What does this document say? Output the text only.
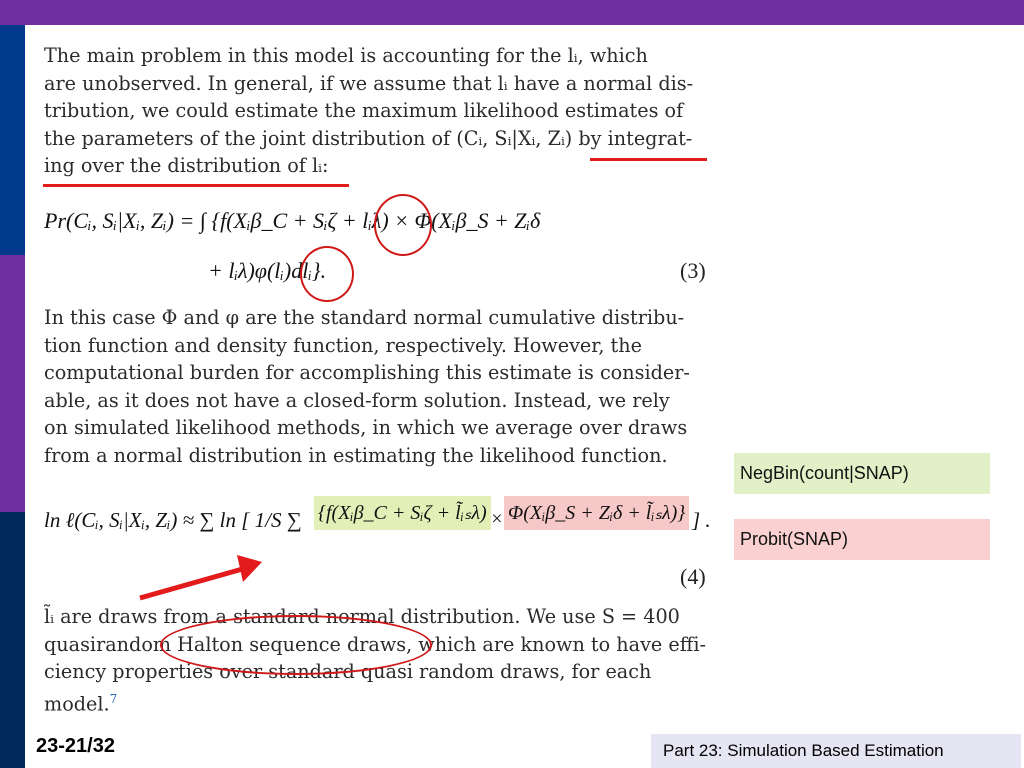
The main problem in this model is accounting for the lᵢ, which
are unobserved. In general, if we assume that lᵢ have a normal dis-
tribution, we could estimate the maximum likelihood estimates of
the parameters of the joint distribution of (Cᵢ, Sᵢ|Xᵢ, Zᵢ) by integrat-
ing over the distribution of lᵢ:
Pr(Cᵢ, Sᵢ|Xᵢ, Zᵢ) = ∫ {f(Xᵢβ_C + Sᵢζ + lᵢλ) × Φ(Xᵢβ_S + Zᵢδ
+ lᵢλ)φ(lᵢ)dlᵢ}.	(3)
In this case Φ and φ are the standard normal cumulative distribu-
tion function and density function, respectively. However, the
computational burden for accomplishing this estimate is consider-
able, as it does not have a closed-form solution. Instead, we rely
on simulated likelihood methods, in which we average over draws
from a normal distribution in estimating the likelihood function.
ln ℓ(Cᵢ, Sᵢ|Xᵢ, Zᵢ) ≈ ∑ ln [ 1/S ∑ {f(Xᵢβ_C + Sᵢζ + l̃ᵢₛλ) × Φ(Xᵢβ_S + Zᵢδ + l̃ᵢₛλ)} ] .
(4)
l̃ᵢ are draws from a standard normal distribution. We use S = 400
quasirandom Halton sequence draws, which are known to have effi-
ciency properties over standard quasi random draws, for each
model.$^7$
NegBin(count|SNAP)
Probit(SNAP)
23-21/32	Part 23: Simulation Based Estimation
